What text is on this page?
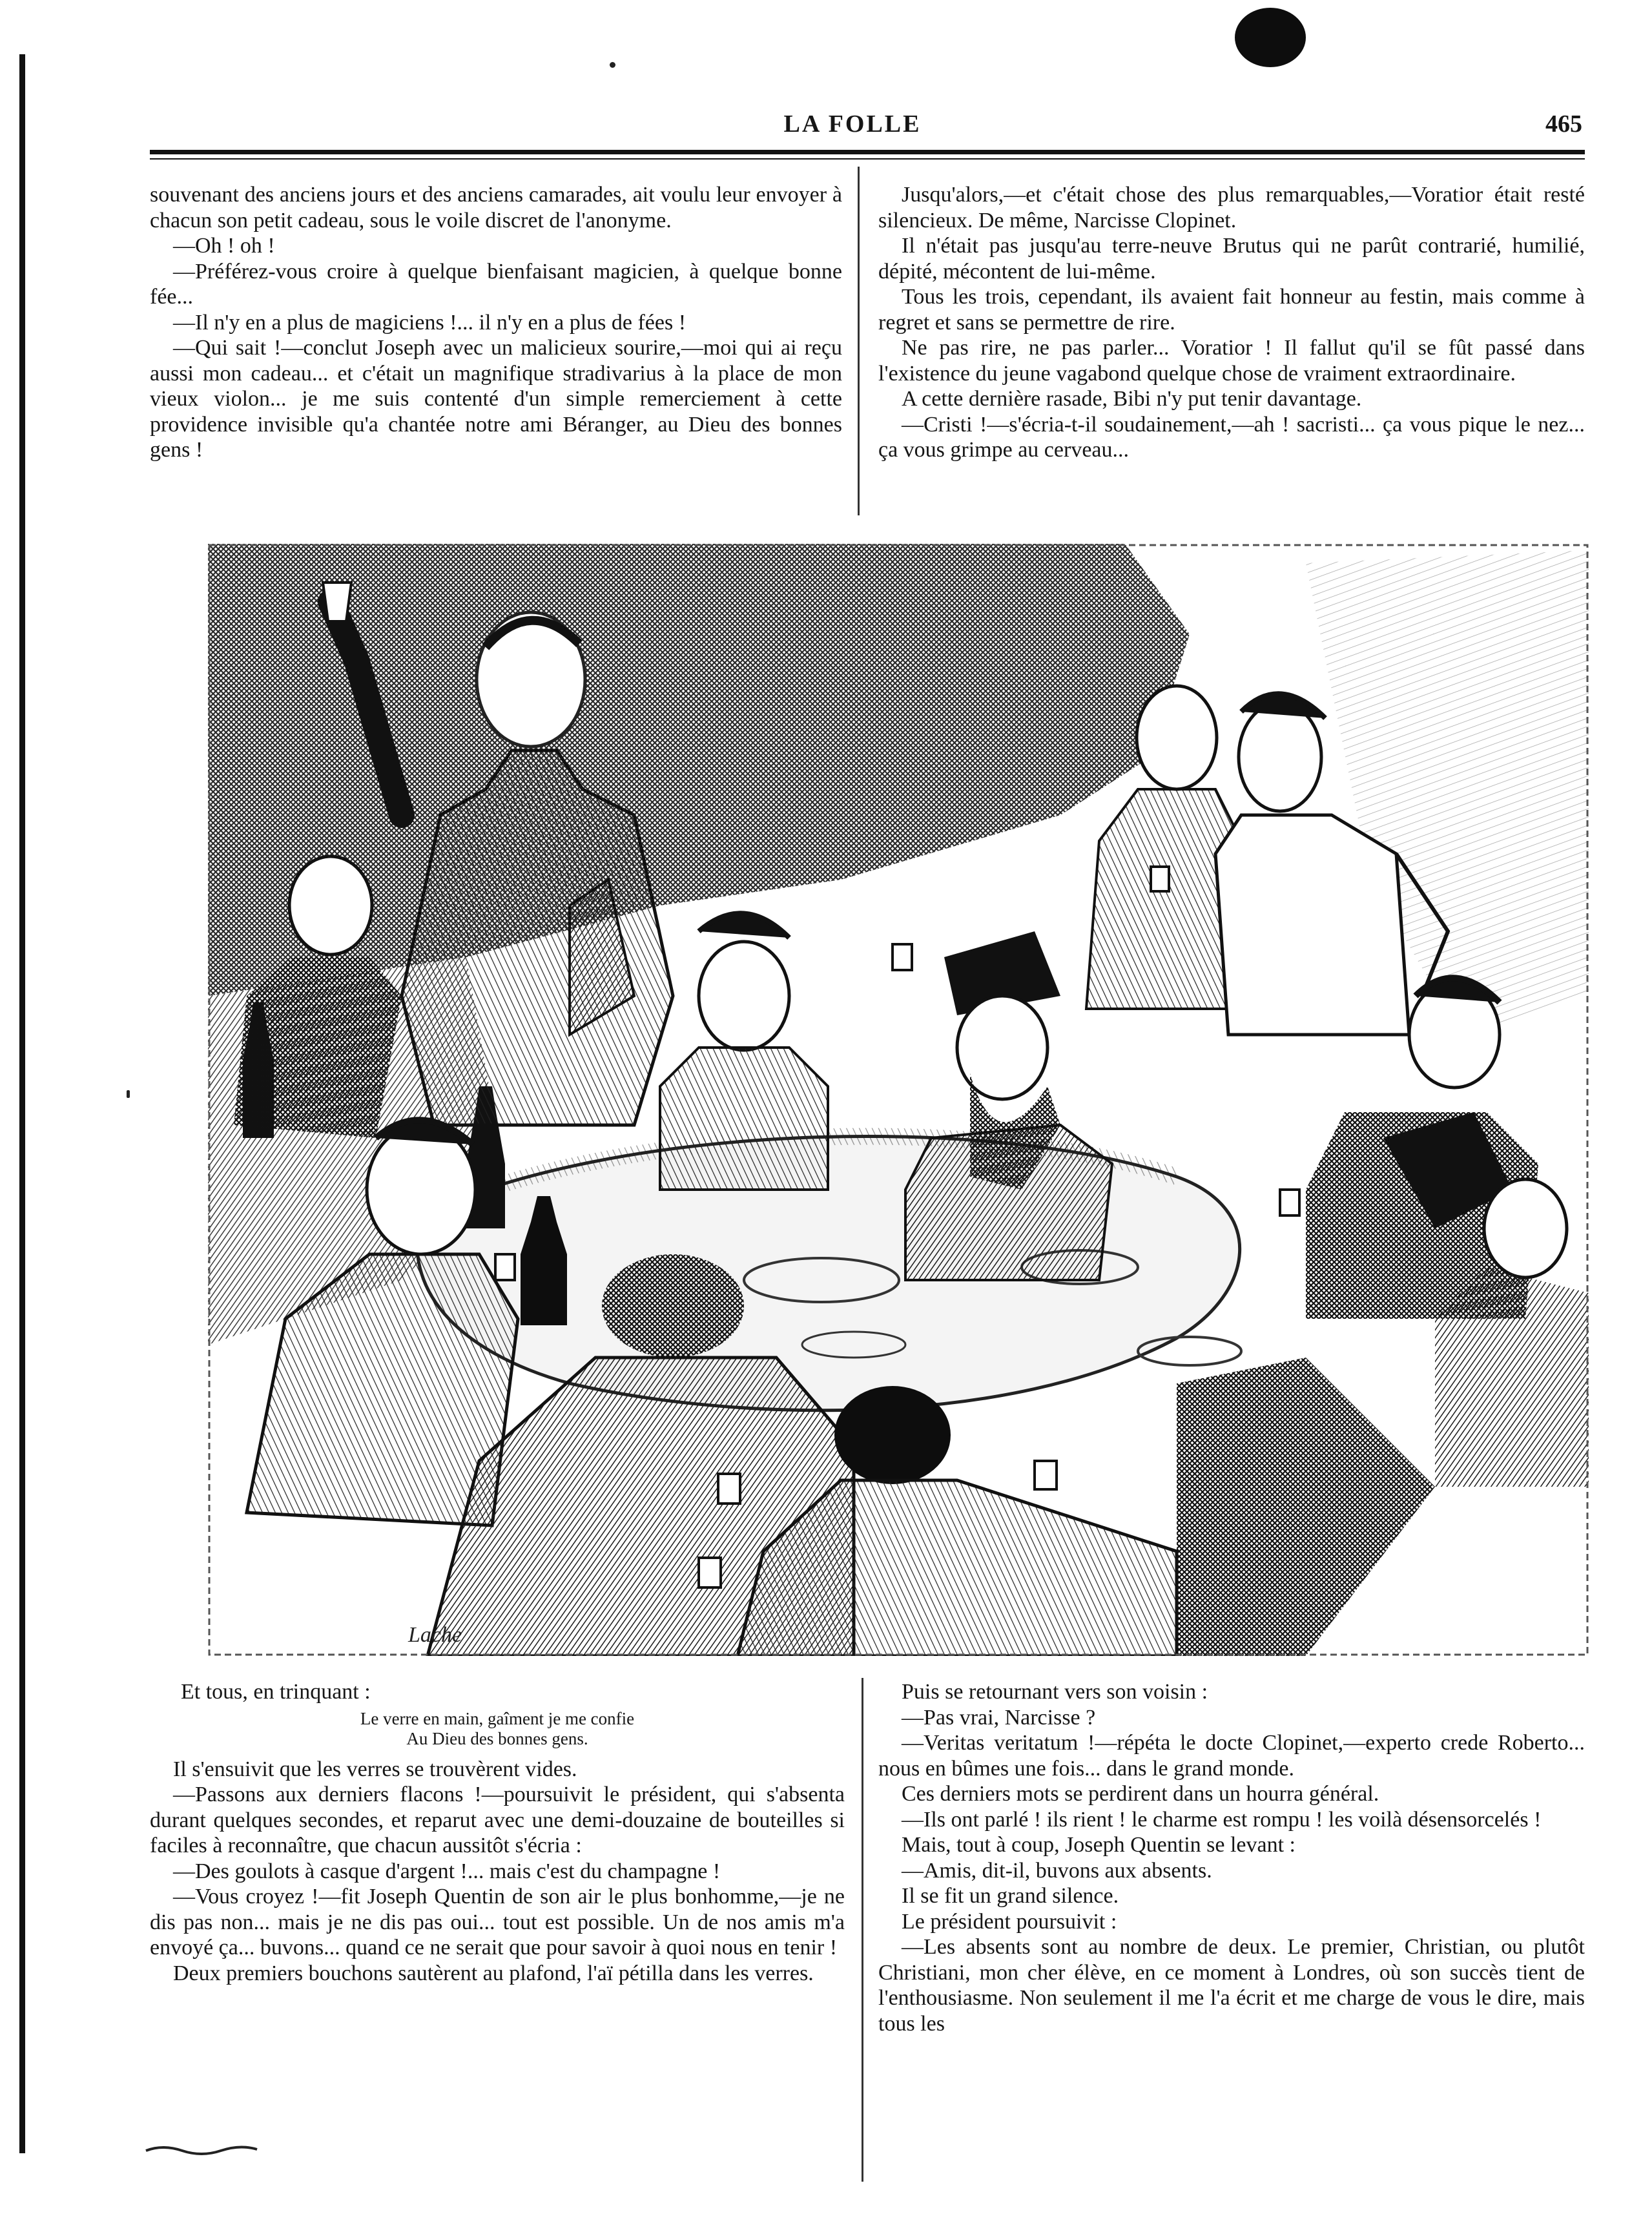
LA FOLLE	465

souvenant des anciens jours et des anciens camarades, ait voulu leur envoyer à chacun son petit cadeau, sous le voile discret de l'anonyme.

—Oh ! oh !

—Préférez-vous croire à quelque bienfaisant magicien, à quelque bonne fée...

—Il n'y en a plus de magiciens !... il n'y en a plus de fées !

—Qui sait !—conclut Joseph avec un malicieux sourire,—moi qui ai reçu aussi mon cadeau... et c'était un magnifique stradivarius à la place de mon vieux violon... je me suis contenté d'un simple remerciement à cette providence invisible qu'a chantée notre ami Béranger, au Dieu des bonnes gens !

Jusqu'alors,—et c'était chose des plus remarquables,—Voratior était resté silencieux. De même, Narcisse Clopinet.

Il n'était pas jusqu'au terre-neuve Brutus qui ne parût contrarié, humilié, dépité, mécontent de lui-même.

Tous les trois, cependant, ils avaient fait honneur au festin, mais comme à regret et sans se permettre de rire.

Ne pas rire, ne pas parler... Voratior ! Il fallut qu'il se fût passé dans l'existence du jeune vagabond quelque chose de vraiment extraordinaire.

A cette dernière rasade, Bibi n'y put tenir davantage.

—Cristi !—s'écria-t-il soudainement,—ah ! sacristi... ça vous pique le nez... ça vous grimpe au cerveau...

Lache

Et tous, en trinquant :

Le verre en main, gaîment je me confie

Au Dieu des bonnes gens.

Il s'ensuivit que les verres se trouvèrent vides.

—Passons aux derniers flacons !—poursuivit le président, qui s'absenta durant quelques secondes, et reparut avec une demi-douzaine de bouteilles si faciles à reconnaître, que chacun aussitôt s'écria :

—Des goulots à casque d'argent !... mais c'est du champagne !

—Vous croyez !—fit Joseph Quentin de son air le plus bonhomme,—je ne dis pas non... mais je ne dis pas oui... tout est possible. Un de nos amis m'a envoyé ça... buvons... quand ce ne serait que pour savoir à quoi nous en tenir !

Deux premiers bouchons sautèrent au plafond, l'aï pétilla dans les verres.

Puis se retournant vers son voisin :

—Pas vrai, Narcisse ?

—Veritas veritatum !—répéta le docte Clopinet,—experto crede Roberto... nous en bûmes une fois... dans le grand monde.

Ces derniers mots se perdirent dans un hourra général.

—Ils ont parlé ! ils rient ! le charme est rompu ! les voilà désensorcelés !

Mais, tout à coup, Joseph Quentin se levant :

—Amis, dit-il, buvons aux absents.

Il se fit un grand silence.

Le président poursuivit :

—Les absents sont au nombre de deux. Le premier, Christian, ou plutôt Christiani, mon cher élève, en ce moment à Londres, où son succès tient de l'enthousiasme. Non seulement il me l'a écrit et me charge de vous le dire, mais tous les
